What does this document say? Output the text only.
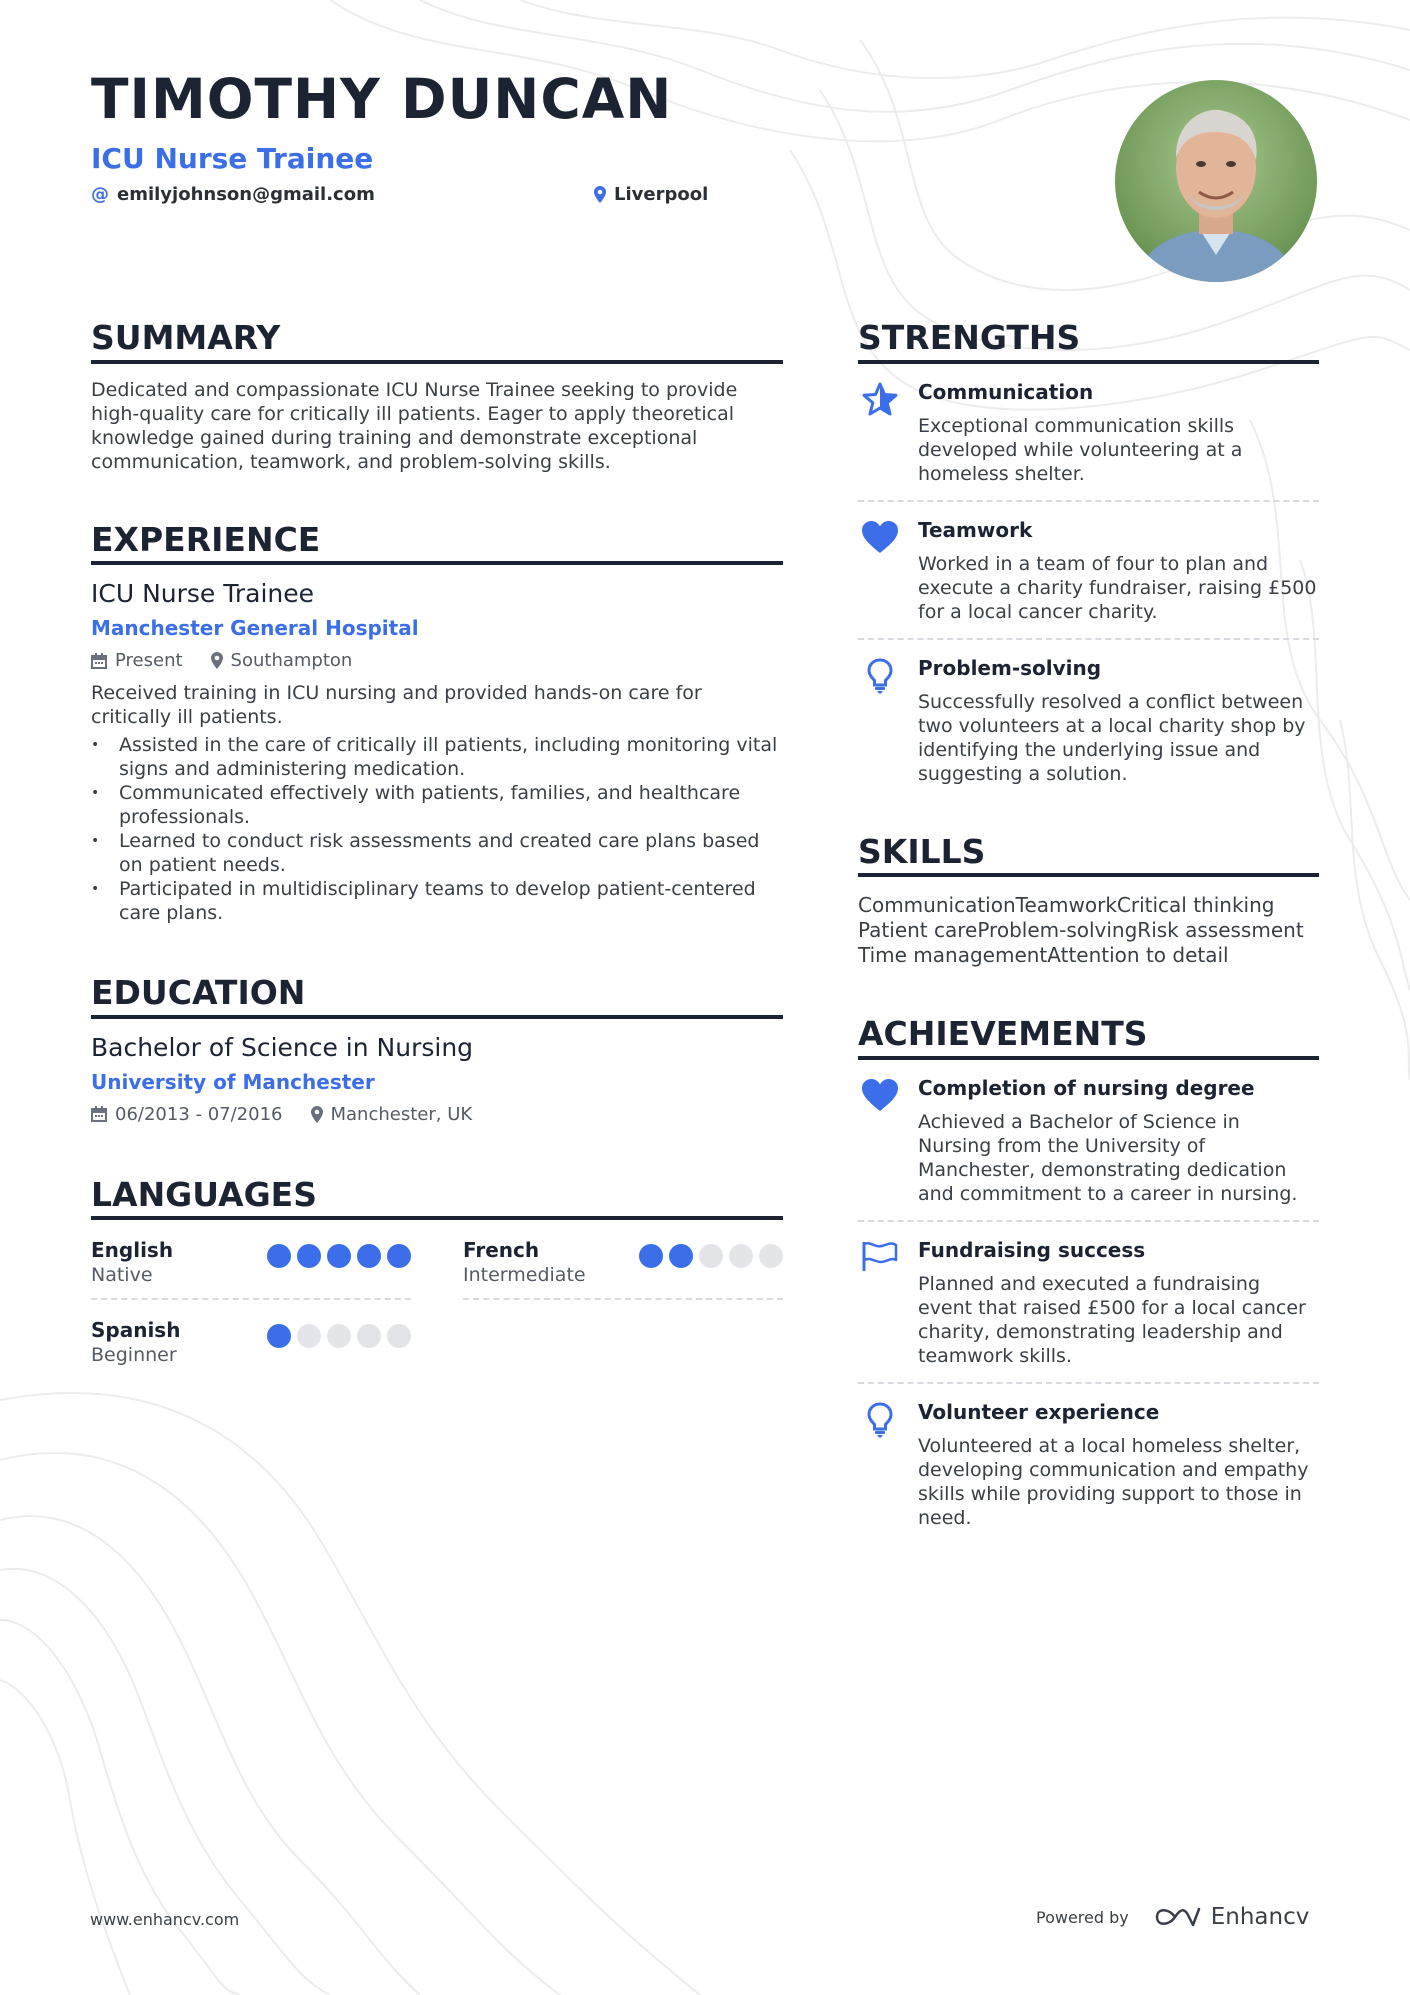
TIMOTHY DUNCAN
ICU Nurse Trainee
@ emilyjohnson@gmail.com	Liverpool
SUMMARY
Dedicated and compassionate ICU Nurse Trainee seeking to provide high-quality care for critically ill patients. Eager to apply theoretical knowledge gained during training and demonstrate exceptional communication, teamwork, and problem-solving skills.
EXPERIENCE
ICU Nurse Trainee
Manchester General Hospital
Present	Southampton
Received training in ICU nursing and provided hands-on care for critically ill patients.
• Assisted in the care of critically ill patients, including monitoring vital signs and administering medication.
• Communicated effectively with patients, families, and healthcare professionals.
• Learned to conduct risk assessments and created care plans based on patient needs.
• Participated in multidisciplinary teams to develop patient-centered care plans.
EDUCATION
Bachelor of Science in Nursing
University of Manchester
06/2013 - 07/2016	Manchester, UK
LANGUAGES
English
Native
French
Intermediate
Spanish
Beginner
STRENGTHS
Communication
Exceptional communication skills developed while volunteering at a homeless shelter.
Teamwork
Worked in a team of four to plan and execute a charity fundraiser, raising £500 for a local cancer charity.
Problem-solving
Successfully resolved a conflict between two volunteers at a local charity shop by identifying the underlying issue and suggesting a solution.
SKILLS
CommunicationTeamworkCritical thinking
Patient careProblem-solvingRisk assessment
Time managementAttention to detail
ACHIEVEMENTS
Completion of nursing degree
Achieved a Bachelor of Science in Nursing from the University of Manchester, demonstrating dedication and commitment to a career in nursing.
Fundraising success
Planned and executed a fundraising event that raised £500 for a local cancer charity, demonstrating leadership and teamwork skills.
Volunteer experience
Volunteered at a local homeless shelter, developing communication and empathy skills while providing support to those in need.
www.enhancv.com	Powered by	Enhancv
